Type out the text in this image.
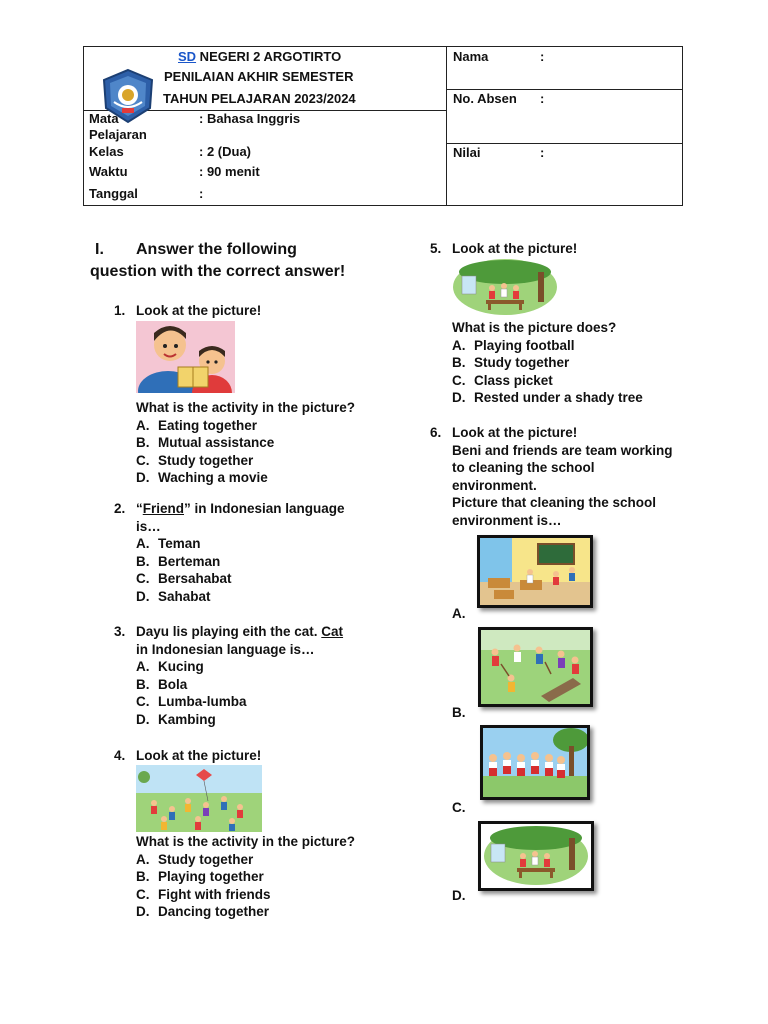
SD NEGERI 2 ARGOTIRTO
PENILAIAN AKHIR SEMESTER
TAHUN PELAJARAN 2023/2024
Mata
Pelajaran
: Bahasa Inggris
Kelas	: 2 (Dua)
Waktu	: 90 menit
Tanggal	:
Nama	:
No. Absen :
Nilai	:
I. Answer the following
question with the correct answer!
1. Look at the picture!
What is the activity in the picture?
A. Eating together
B. Mutual assistance
C. Study together
D. Waching a movie
2. “Friend” in Indonesian language
is…
A. Teman
B. Berteman
C. Bersahabat
D. Sahabat
3. Dayu lis playing eith the cat. Cat
in Indonesian language is…
A. Kucing
B. Bola
C. Lumba-lumba
D. Kambing
4. Look at the picture!
What is the activity in the picture?
A. Study together
B. Playing together
C. Fight with friends
D. Dancing together
5. Look at the picture!
What is the picture does?
A. Playing football
B. Study together
C. Class picket
D. Rested under a shady tree
6. Look at the picture!
Beni and friends are team working
to cleaning the school
environment.
Picture that cleaning the school
environment is…
A.
B.
C.
D.
